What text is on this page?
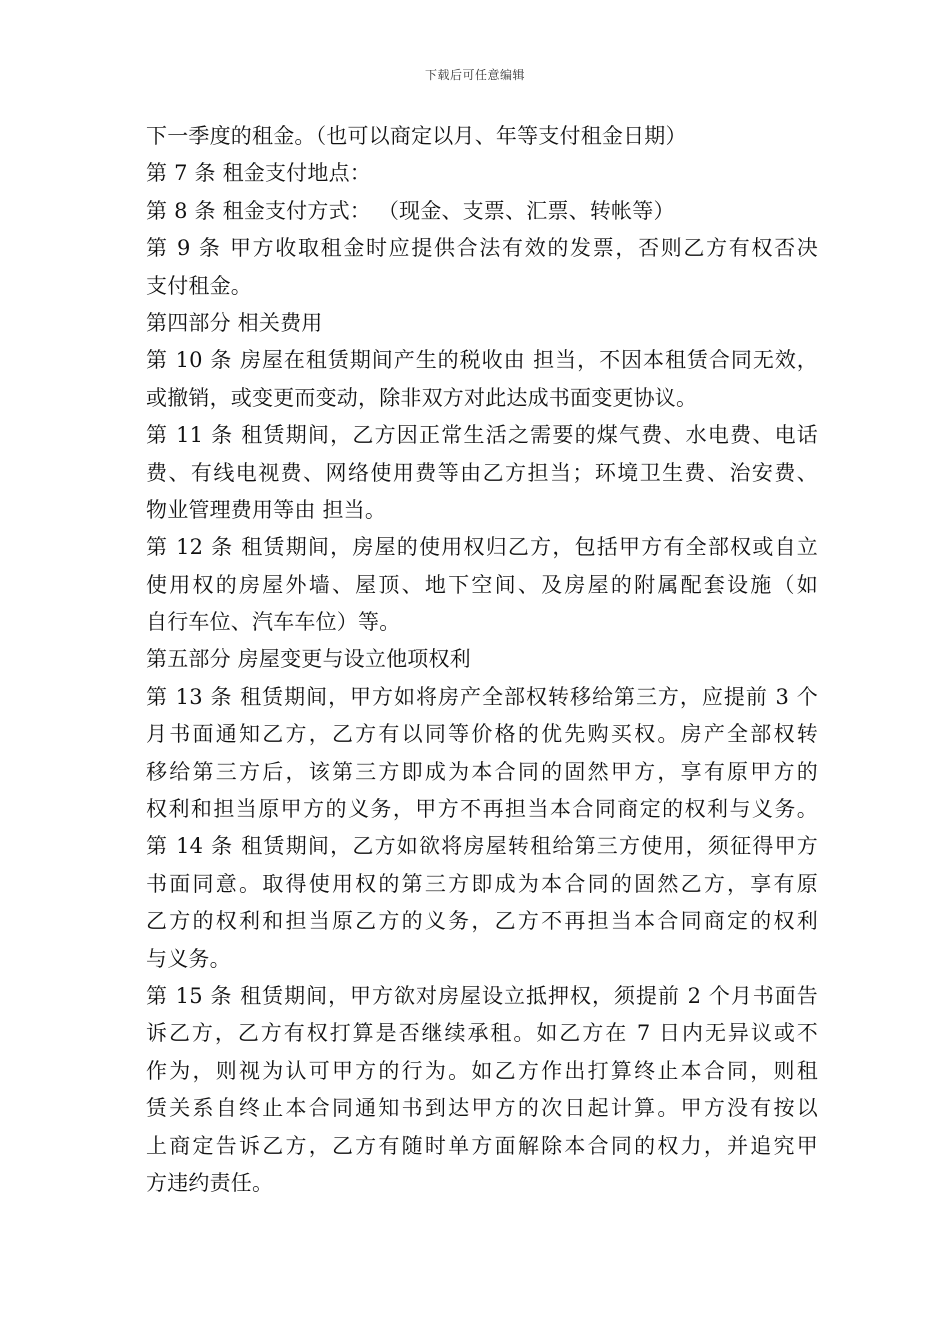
下载后可任意编辑
下一季度的租金。（也可以商定以月、年等支付租金日期）
第 7 条 租金支付地点：
第 8 条 租金支付方式： （现金、支票、汇票、转帐等）
第 9 条 甲方收取租金时应提供合法有效的发票，否则乙方有权否决
支付租金。
第四部分 相关费用
第 10 条 房屋在租赁期间产生的税收由 担当，不因本租赁合同无效，
或撤销，或变更而变动，除非双方对此达成书面变更协议。
第 11 条 租赁期间，乙方因正常生活之需要的煤气费、水电费、电话
费、有线电视费、网络使用费等由乙方担当；环境卫生费、治安费、
物业管理费用等由 担当。
第 12 条 租赁期间，房屋的使用权归乙方，包括甲方有全部权或自立
使用权的房屋外墙、屋顶、地下空间、及房屋的附属配套设施（如
自行车位、汽车车位）等。
第五部分 房屋变更与设立他项权利
第 13 条 租赁期间，甲方如将房产全部权转移给第三方，应提前 3 个
月书面通知乙方，乙方有以同等价格的优先购买权。房产全部权转
移给第三方后，该第三方即成为本合同的固然甲方，享有原甲方的
权利和担当原甲方的义务，甲方不再担当本合同商定的权利与义务。
第 14 条 租赁期间，乙方如欲将房屋转租给第三方使用，须征得甲方
书面同意。取得使用权的第三方即成为本合同的固然乙方，享有原
乙方的权利和担当原乙方的义务，乙方不再担当本合同商定的权利
与义务。
第 15 条 租赁期间，甲方欲对房屋设立抵押权，须提前 2 个月书面告
诉乙方，乙方有权打算是否继续承租。如乙方在 7 日内无异议或不
作为，则视为认可甲方的行为。如乙方作出打算终止本合同，则租
赁关系自终止本合同通知书到达甲方的次日起计算。甲方没有按以
上商定告诉乙方，乙方有随时单方面解除本合同的权力，并追究甲
方违约责任。
